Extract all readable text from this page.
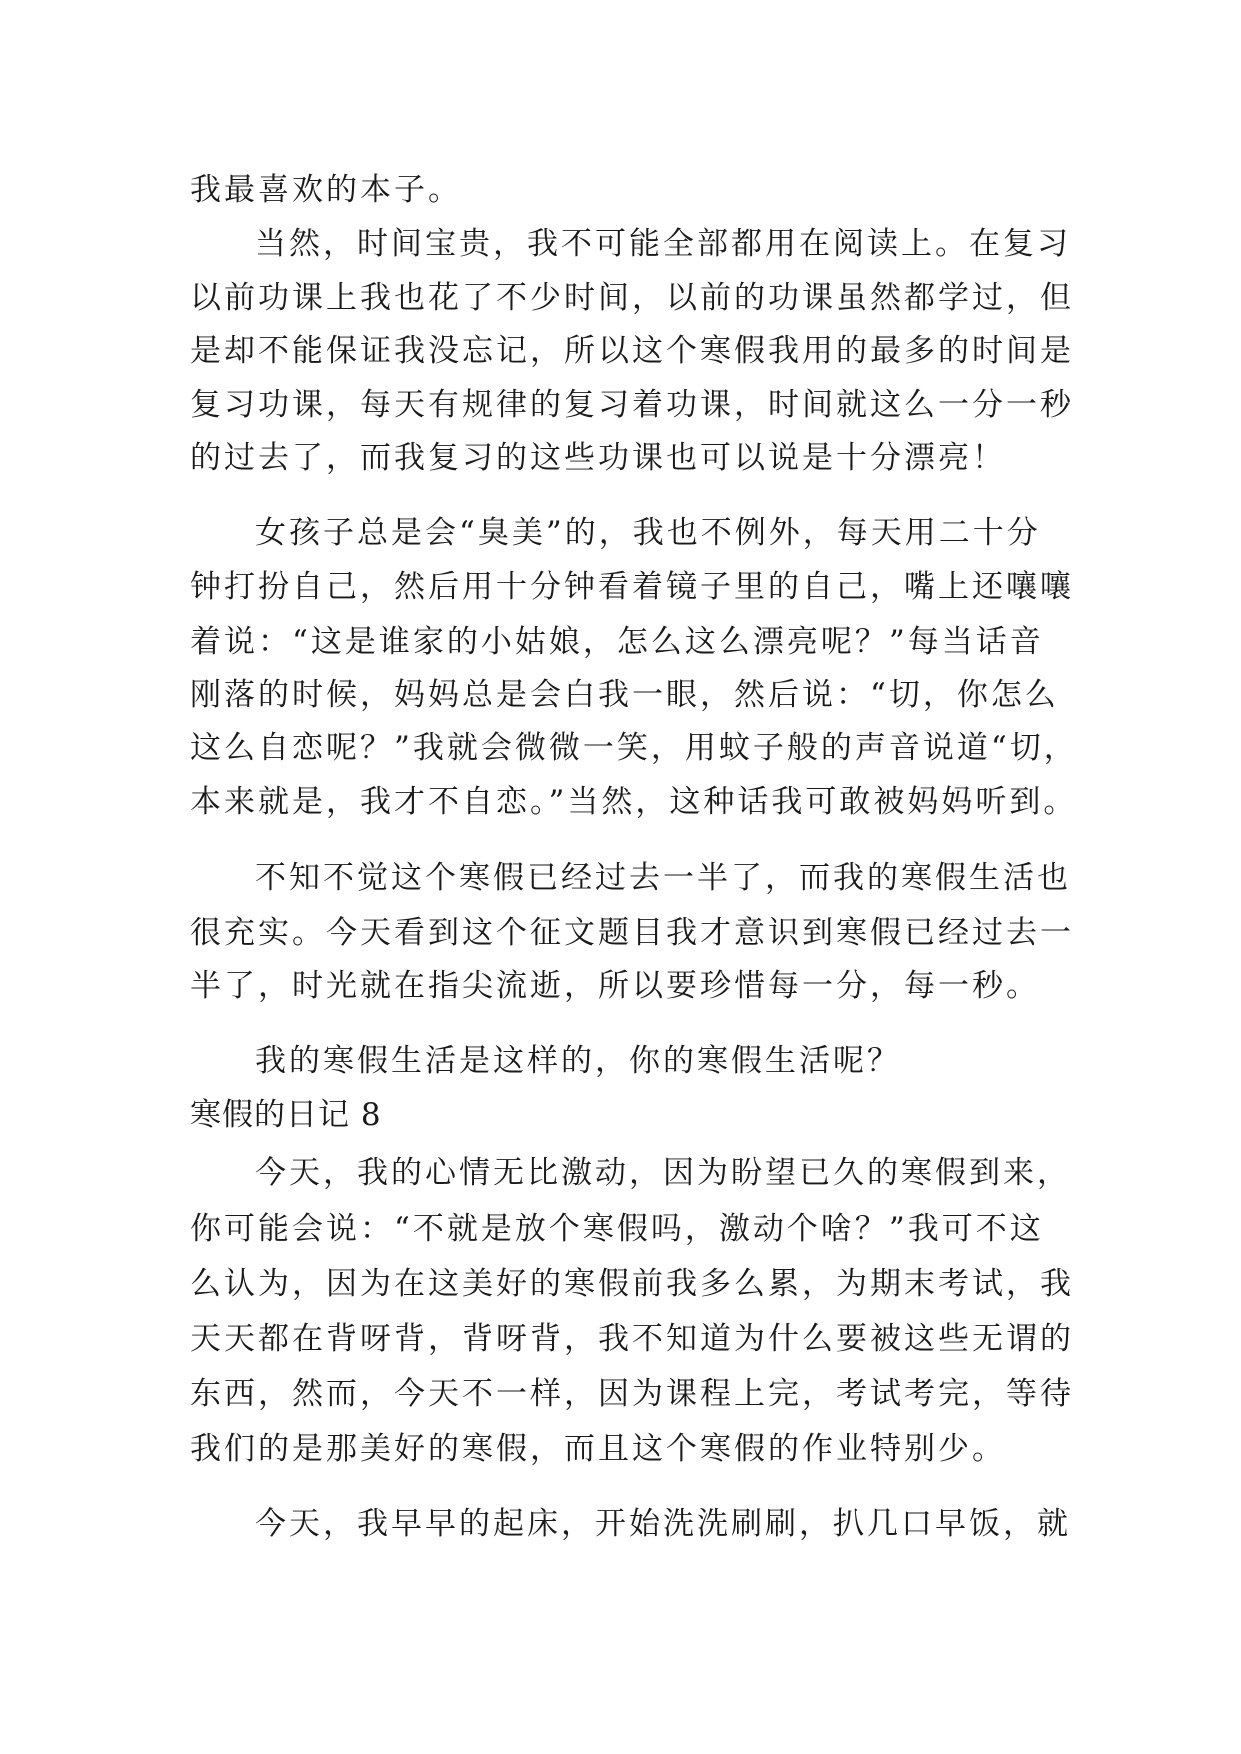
我最喜欢的本子。
当然，时间宝贵，我不可能全部都用在阅读上。在复习
以前功课上我也花了不少时间，以前的功课虽然都学过，但
是却不能保证我没忘记，所以这个寒假我用的最多的时间是
复习功课，每天有规律的复习着功课，时间就这么一分一秒
的过去了，而我复习的这些功课也可以说是十分漂亮！
女孩子总是会“臭美”的，我也不例外，每天用二十分
钟打扮自己，然后用十分钟看着镜子里的自己，嘴上还嚷嚷
着说：“这是谁家的小姑娘，怎么这么漂亮呢？”每当话音
刚落的时候，妈妈总是会白我一眼，然后说：“切，你怎么
这么自恋呢？”我就会微微一笑，用蚊子般的声音说道“切，
本来就是，我才不自恋。”当然，这种话我可敢被妈妈听到。
不知不觉这个寒假已经过去一半了，而我的寒假生活也
很充实。今天看到这个征文题目我才意识到寒假已经过去一
半了，时光就在指尖流逝，所以要珍惜每一分，每一秒。
我的寒假生活是这样的，你的寒假生活呢？
寒假的日记 8
今天，我的心情无比激动，因为盼望已久的寒假到来，
你可能会说：“不就是放个寒假吗，激动个啥？”我可不这
么认为，因为在这美好的寒假前我多么累，为期末考试，我
天天都在背呀背，背呀背，我不知道为什么要被这些无谓的
东西，然而，今天不一样，因为课程上完，考试考完，等待
我们的是那美好的寒假，而且这个寒假的作业特别少。
今天，我早早的起床，开始洗洗刷刷，扒几口早饭，就
